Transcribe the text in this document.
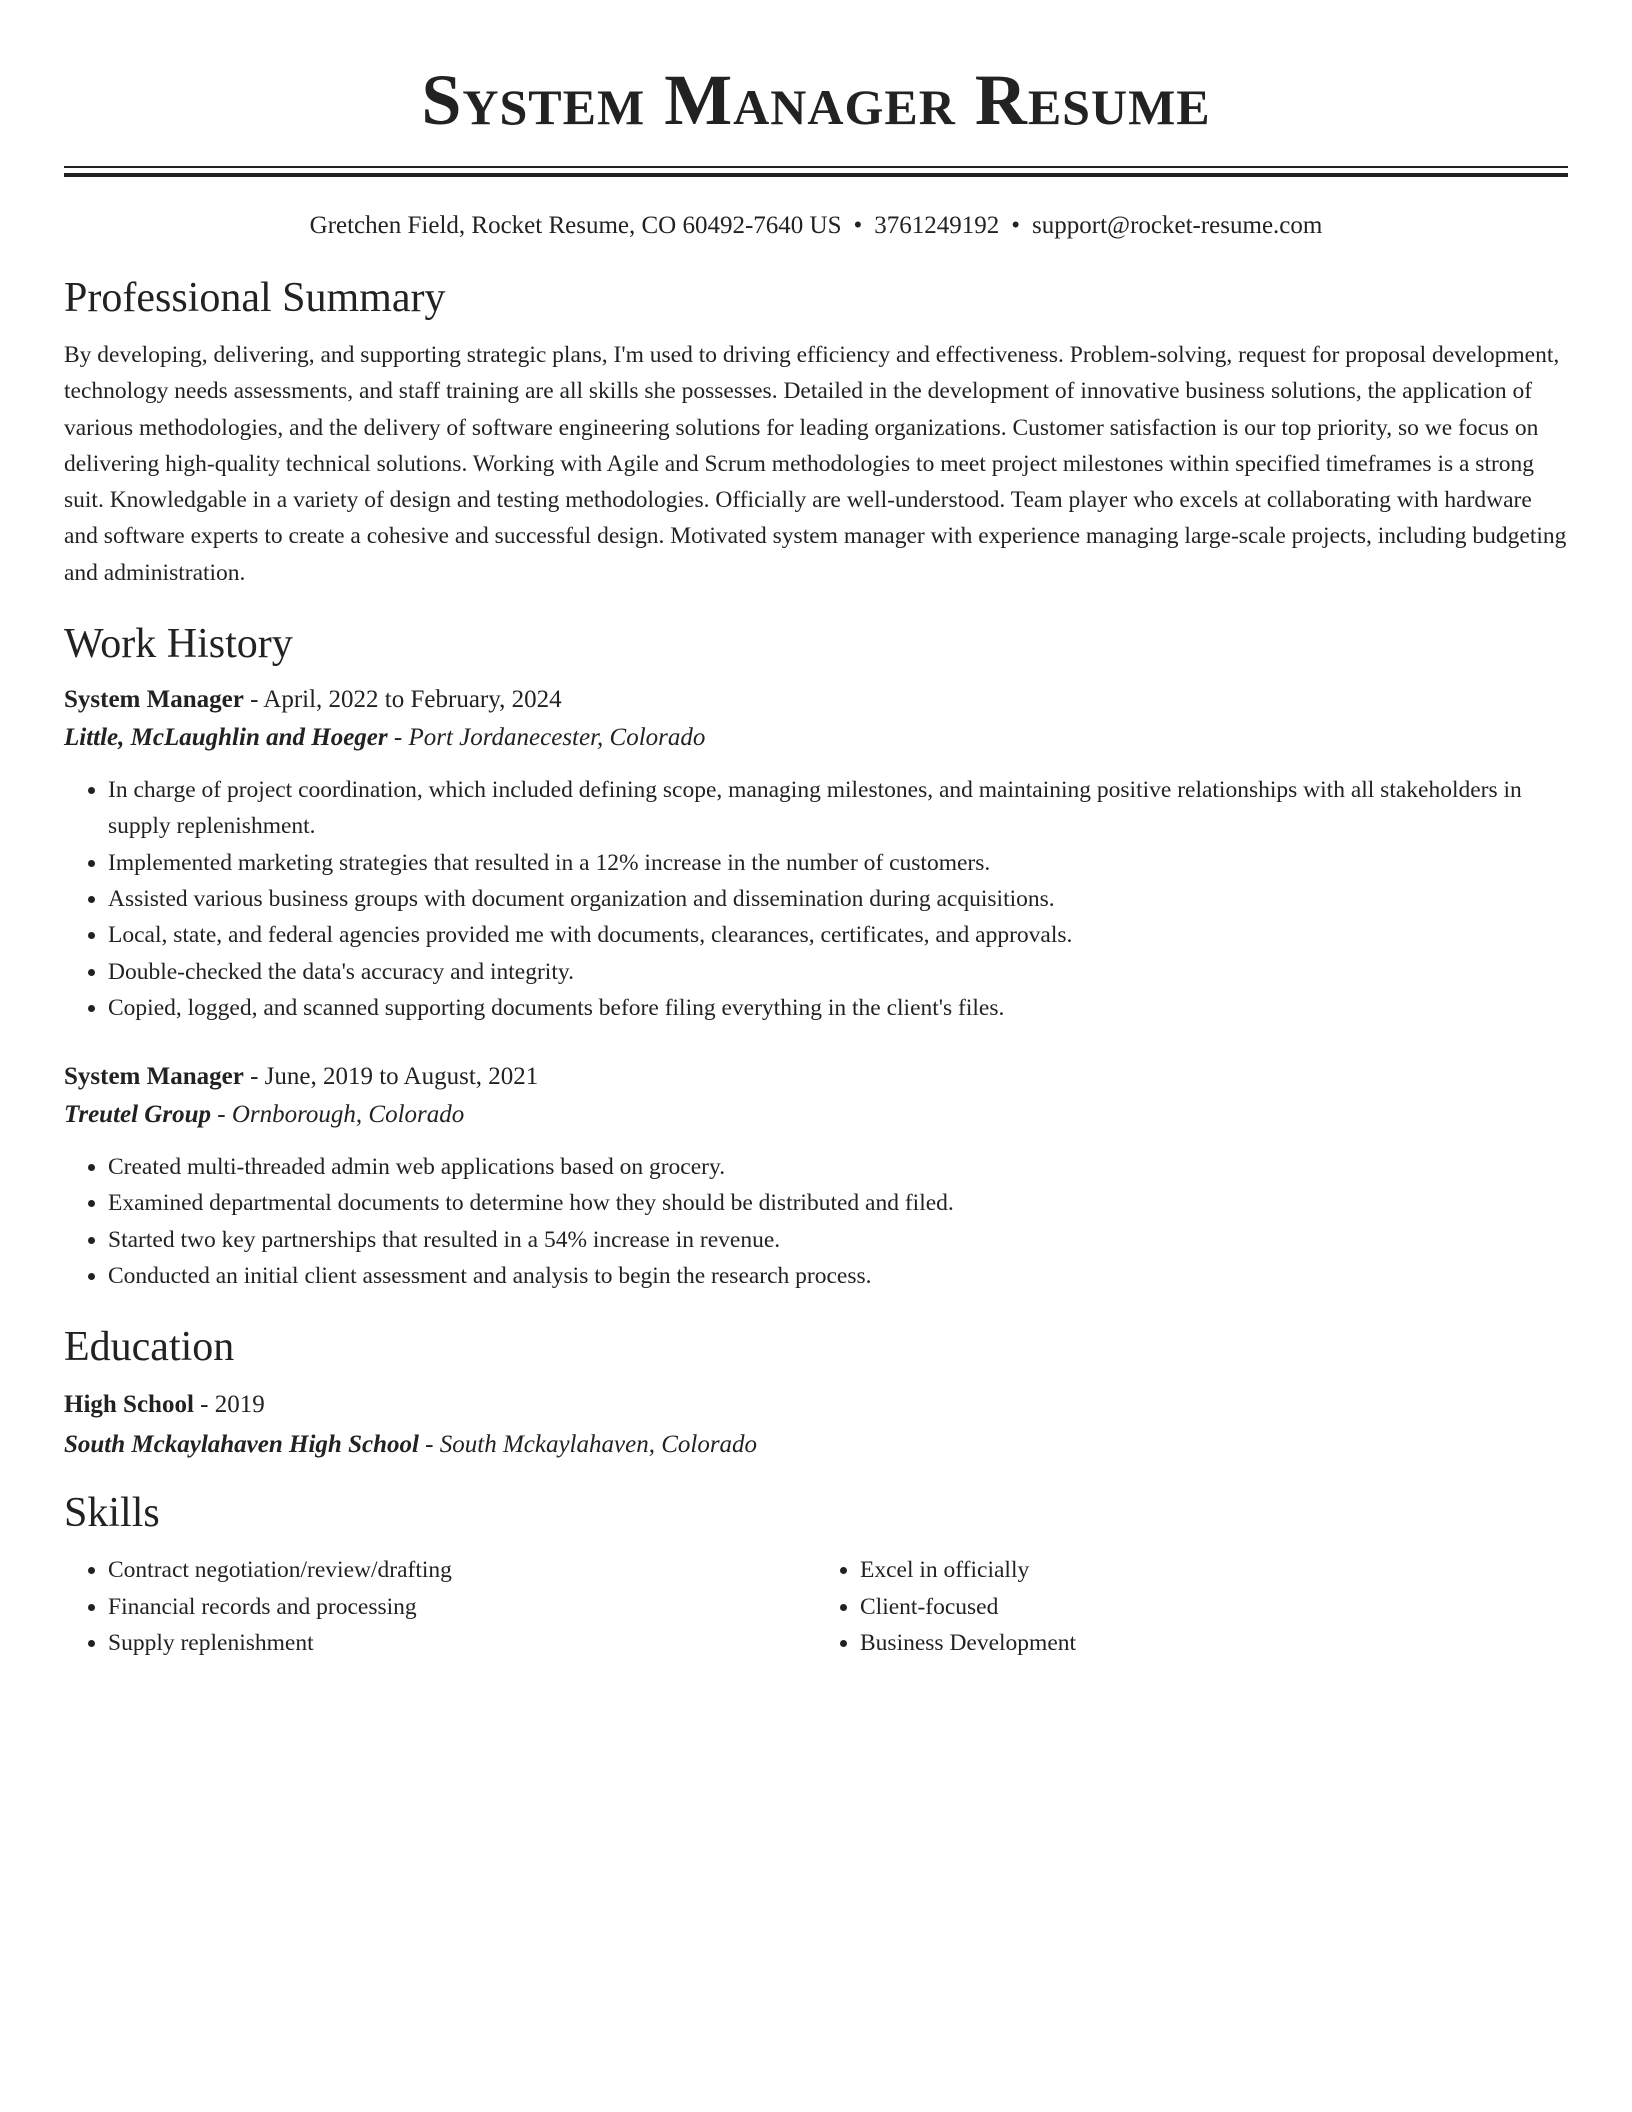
System Manager Resume
Gretchen Field, Rocket Resume, CO 60492-7640 US • 3761249192 • support@rocket-resume.com
Professional Summary

By developing, delivering, and supporting strategic plans, I'm used to driving efficiency and effectiveness. Problem-solving, request for proposal development, technology needs assessments, and staff training are all skills she possesses. Detailed in the development of innovative business solutions, the application of various methodologies, and the delivery of software engineering solutions for leading organizations. Customer satisfaction is our top priority, so we focus on delivering high-quality technical solutions. Working with Agile and Scrum methodologies to meet project milestones within specified timeframes is a strong suit. Knowledgable in a variety of design and testing methodologies. Officially are well-understood. Team player who excels at collaborating with hardware and software experts to create a cohesive and successful design. Motivated system manager with experience managing large-scale projects, including budgeting and administration.

Work History

System Manager - April, 2022 to February, 2024

Little, McLaughlin and Hoeger - Port Jordanecester, Colorado

• In charge of project coordination, which included defining scope, managing milestones, and maintaining positive relationships with all stakeholders in supply replenishment.
• Implemented marketing strategies that resulted in a 12% increase in the number of customers.
• Assisted various business groups with document organization and dissemination during acquisitions.
• Local, state, and federal agencies provided me with documents, clearances, certificates, and approvals.
• Double-checked the data's accuracy and integrity.
• Copied, logged, and scanned supporting documents before filing everything in the client's files.

System Manager - June, 2019 to August, 2021

Treutel Group - Ornborough, Colorado

• Created multi-threaded admin web applications based on grocery.
• Examined departmental documents to determine how they should be distributed and filed.
• Started two key partnerships that resulted in a 54% increase in revenue.
• Conducted an initial client assessment and analysis to begin the research process.
Education

High School - 2019

South Mckaylahaven High School - South Mckaylahaven, Colorado

Skills
• Contract negotiation/review/drafting
• Financial records and processing
• Supply replenishment
• Excel in officially
• Client-focused
• Business Development
